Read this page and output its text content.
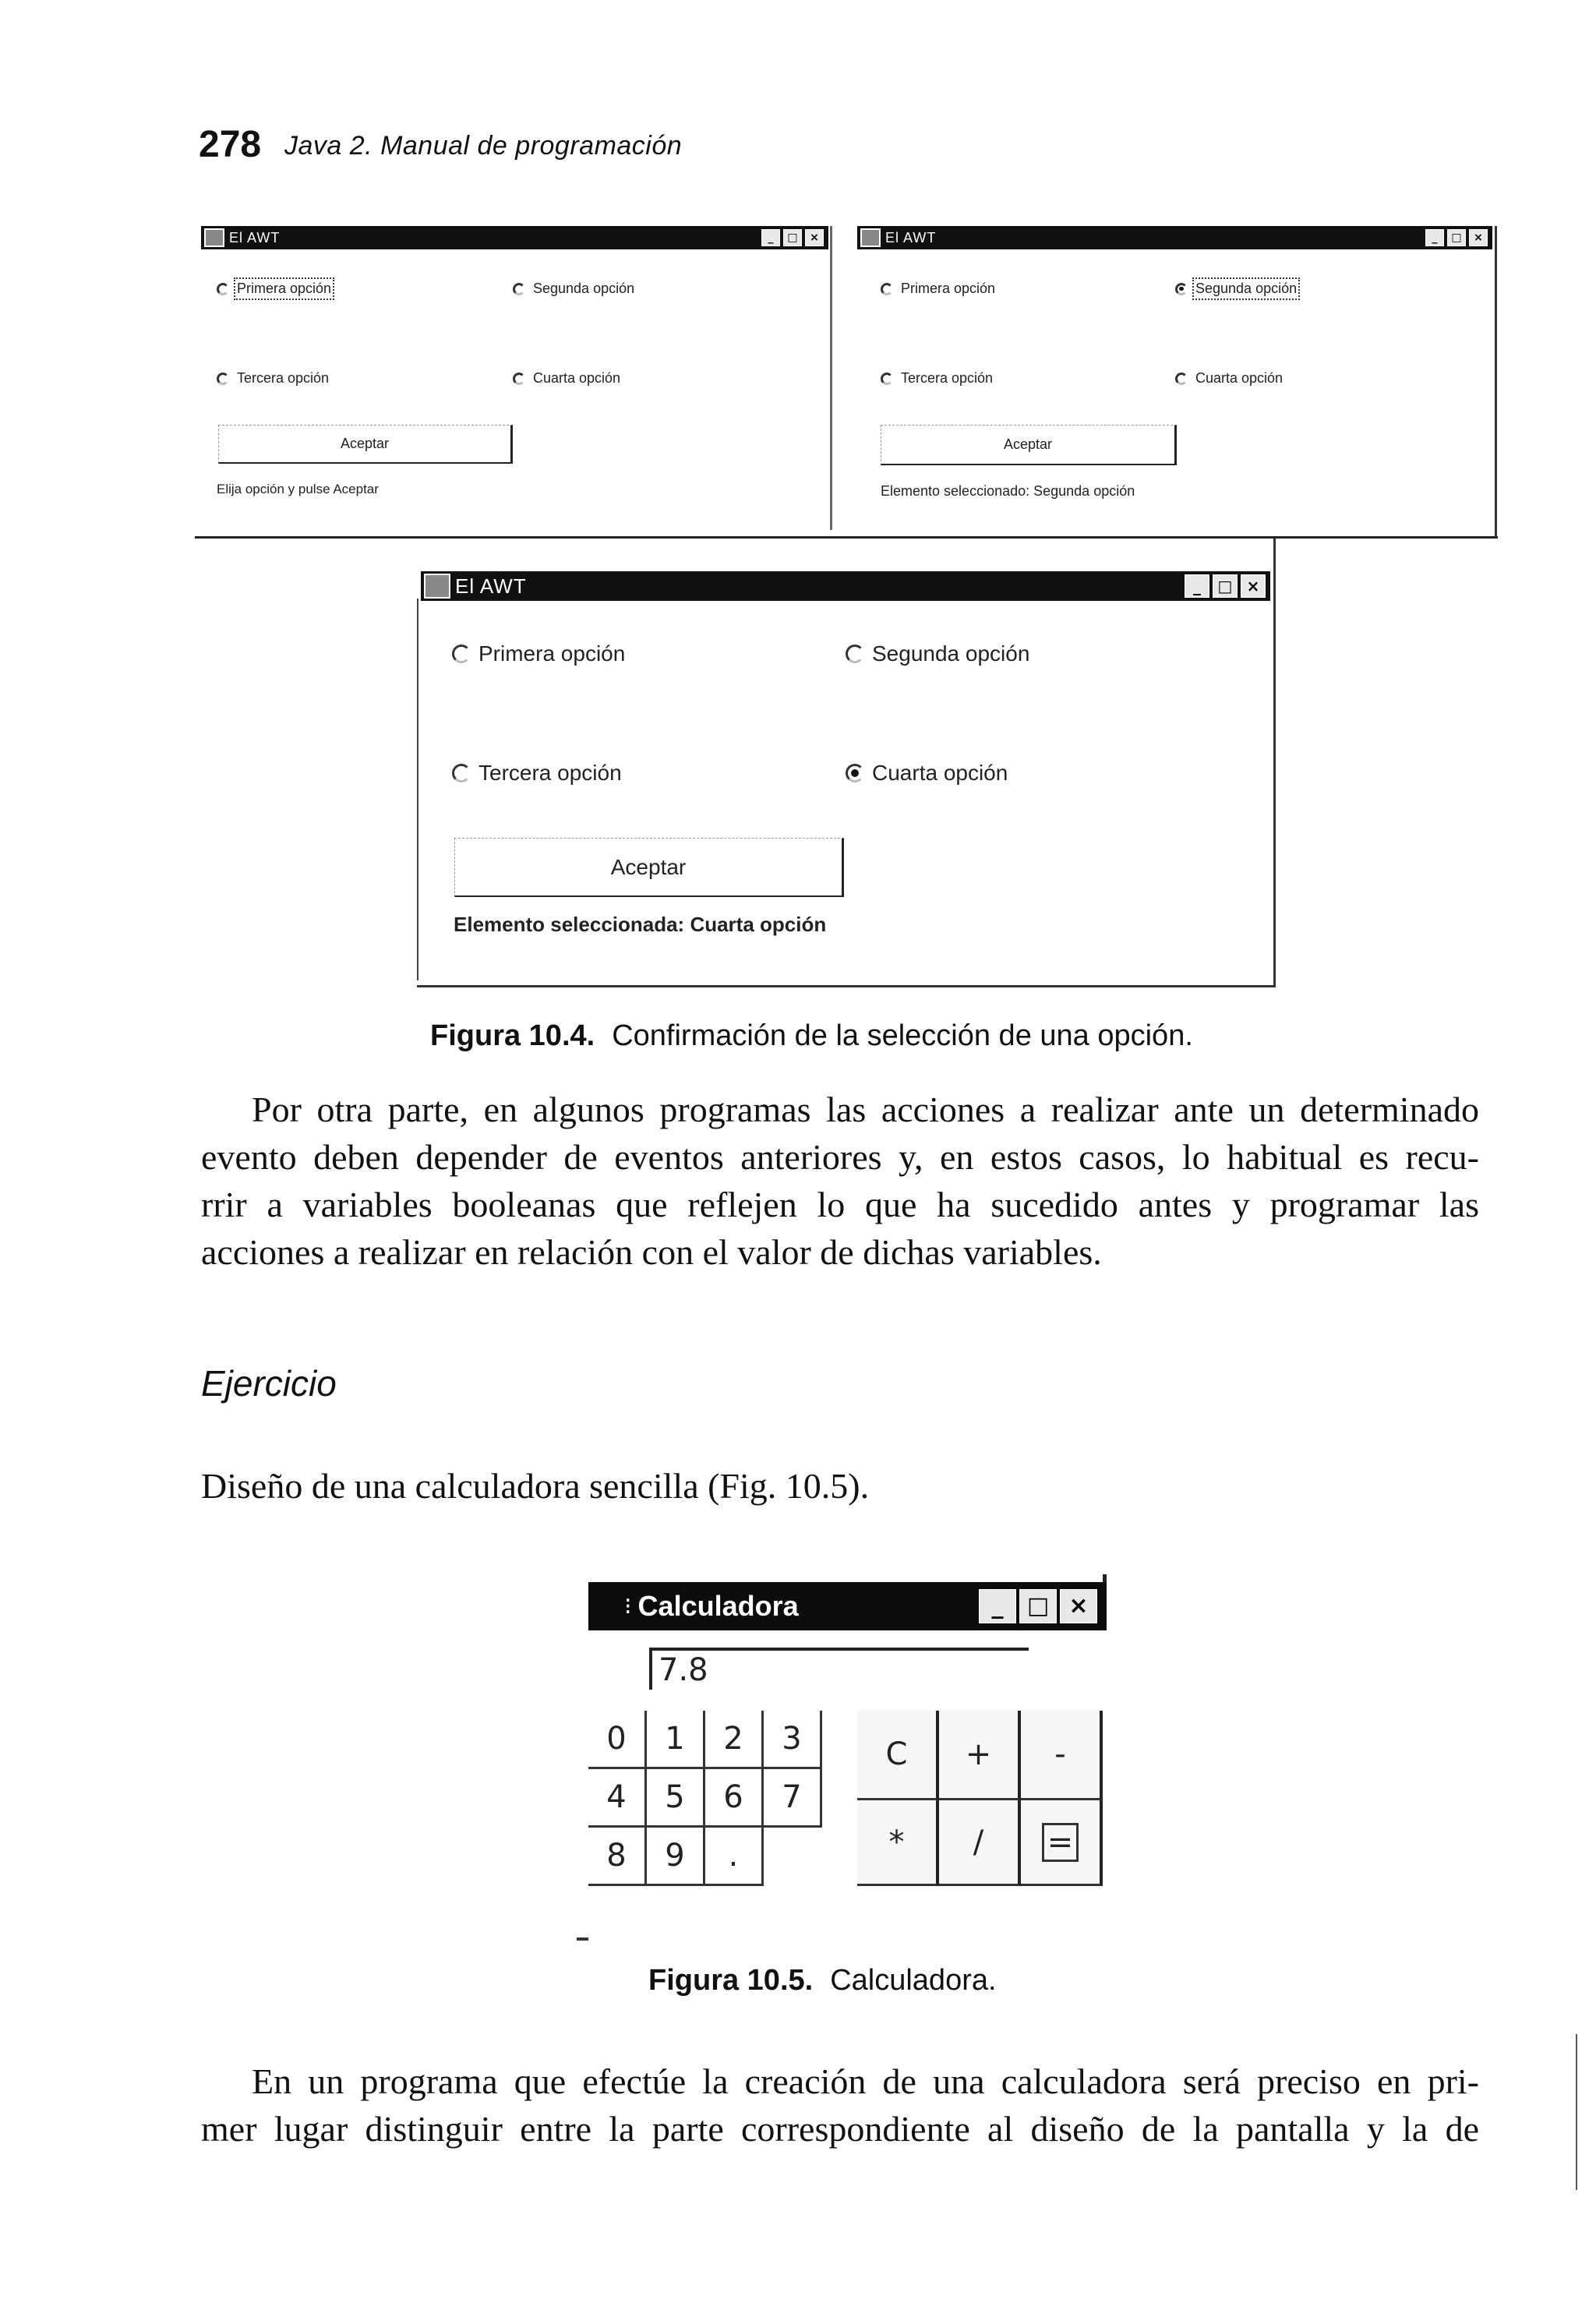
278 Java 2. Manual de programación
El AWT	_	□	×
Primera opción	Segunda opción
Tercera opción	Cuarta opción
Aceptar
Elija opción y pulse Aceptar
El AWT	_	□	×
Primera opción	Segunda opción
Tercera opción	Cuarta opción
Aceptar
Elemento seleccionado: Segunda opción
El AWT	_	□ ×
Primera opción	Segunda opción
Tercera opción	Cuarta opción
Aceptar
Elemento seleccionada: Cuarta opción
Figura 10.4. Confirmación de la selección de una opción.
Por otra parte, en algunos programas las acciones a realizar ante un determinado
evento deben depender de eventos anteriores y, en estos casos, lo habitual es recu-
rrir a variables booleanas que reflejen lo que ha sucedido antes y programar las
acciones a realizar en relación con el valor de dichas variables.
Ejercicio
Diseño de una calculadora sencilla (Fig. 10.5).
⁝ Calculadora	_	□ ×
7.8
0	1	2	3
4	5	6	7
8	9	.
C	+	-
*	/	=
Figura 10.5. Calculadora.
En un programa que efectúe la creación de una calculadora será preciso en pri-
mer lugar distinguir entre la parte correspondiente al diseño de la pantalla y la de
